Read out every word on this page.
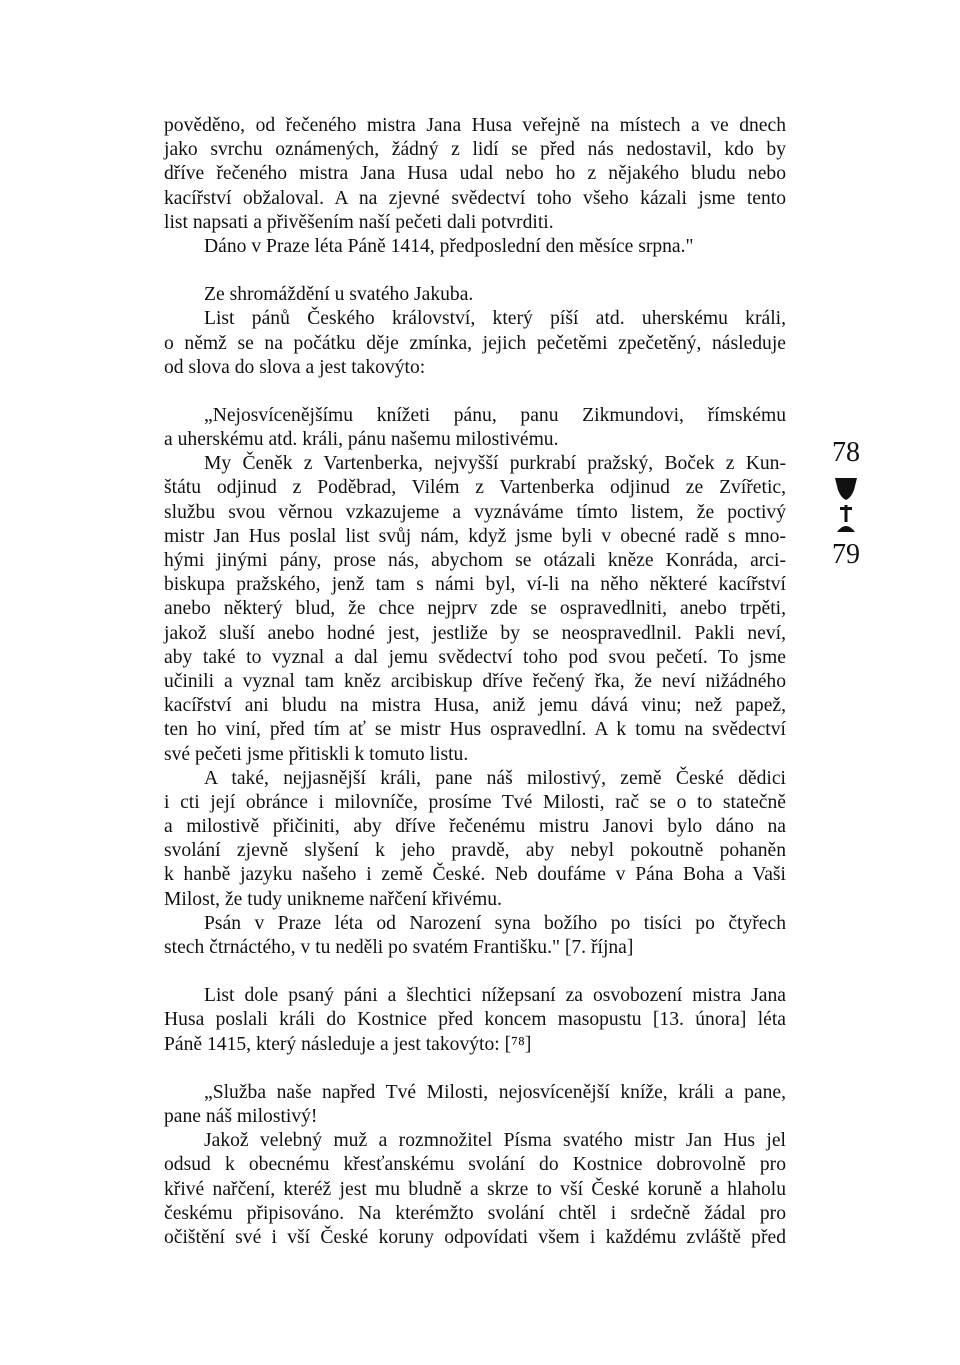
pověděno, od řečeného mistra Jana Husa veřejně na místech a ve dnech
jako svrchu oznámených, žádný z lidí se před nás nedostavil, kdo by
dříve řečeného mistra Jana Husa udal nebo ho z nějakého bludu nebo
kacířství obžaloval. A na zjevné svědectví toho všeho kázali jsme tento
list napsati a přivěšením naší pečeti dali potvrditi.
Dáno v Praze léta Páně 1414, předposlední den měsíce srpna."
Ze shromáždění u svatého Jakuba.
List pánů Českého království, který píší atd. uherskému králi,
o němž se na počátku děje zmínka, jejich pečetěmi zpečetěný, následuje
od slova do slova a jest takovýto:
„Nejosvícenějšímu knížeti pánu, panu Zikmundovi, římskému
a uherskému atd. králi, pánu našemu milostivému.
My Čeněk z Vartenberka, nejvyšší purkrabí pražský, Boček z Kun-
štátu odjinud z Poděbrad, Vilém z Vartenberka odjinud ze Zvířetic,
službu svou věrnou vzkazujeme a vyznáváme tímto listem, že poctivý
mistr Jan Hus poslal list svůj nám, když jsme byli v obecné radě s mno-
hými jinými pány, prose nás, abychom se otázali kněze Konráda, arci-
biskupa pražského, jenž tam s námi byl, ví-li na něho některé kacířství
anebo některý blud, že chce nejprv zde se ospravedlniti, anebo trpěti,
jakož sluší anebo hodné jest, jestliže by se neospravedlnil. Pakli neví,
aby také to vyznal a dal jemu svědectví toho pod svou pečetí. To jsme
učinili a vyznal tam kněz arcibiskup dříve řečený řka, že neví nižádného
kacířství ani bludu na mistra Husa, aniž jemu dává vinu; než papež,
ten ho viní, před tím ať se mistr Hus ospravedlní. A k tomu na svědectví
své pečeti jsme přitiskli k tomuto listu.
A také, nejjasnější králi, pane náš milostivý, země České dědici
i cti její obránce i milovníče, prosíme Tvé Milosti, rač se o to statečně
a milostivě přičiniti, aby dříve řečenému mistru Janovi bylo dáno na
svolání zjevně slyšení k jeho pravdě, aby nebyl pokoutně pohaněn
k hanbě jazyku našeho i země České. Neb doufáme v Pána Boha a Vaši
Milost, že tudy unikneme nařčení křivému.
Psán v Praze léta od Narození syna božího po tisíci po čtyřech
stech čtrnáctého, v tu neděli po svatém Františku." [7. října]
List dole psaný páni a šlechtici nížepsaní za osvobození mistra Jana
Husa poslali králi do Kostnice před koncem masopustu [13. února] léta
Páně 1415, který následuje a jest takovýto: [⁷⁸]
„Služba naše napřed Tvé Milosti, nejosvícenější kníže, králi a pane,
pane náš milostivý!
Jakož velebný muž a rozmnožitel Písma svatého mistr Jan Hus jel
odsud k obecnému křesťanskému svolání do Kostnice dobrovolně pro
křivé nařčení, kteréž jest mu bludně a skrze to vší České koruně a hlaholu
českému připisováno. Na kterémžto svolání chtěl i srdečně žádal pro
očištění své i vší České koruny odpovídati všem i každému zvláště před
78
79
